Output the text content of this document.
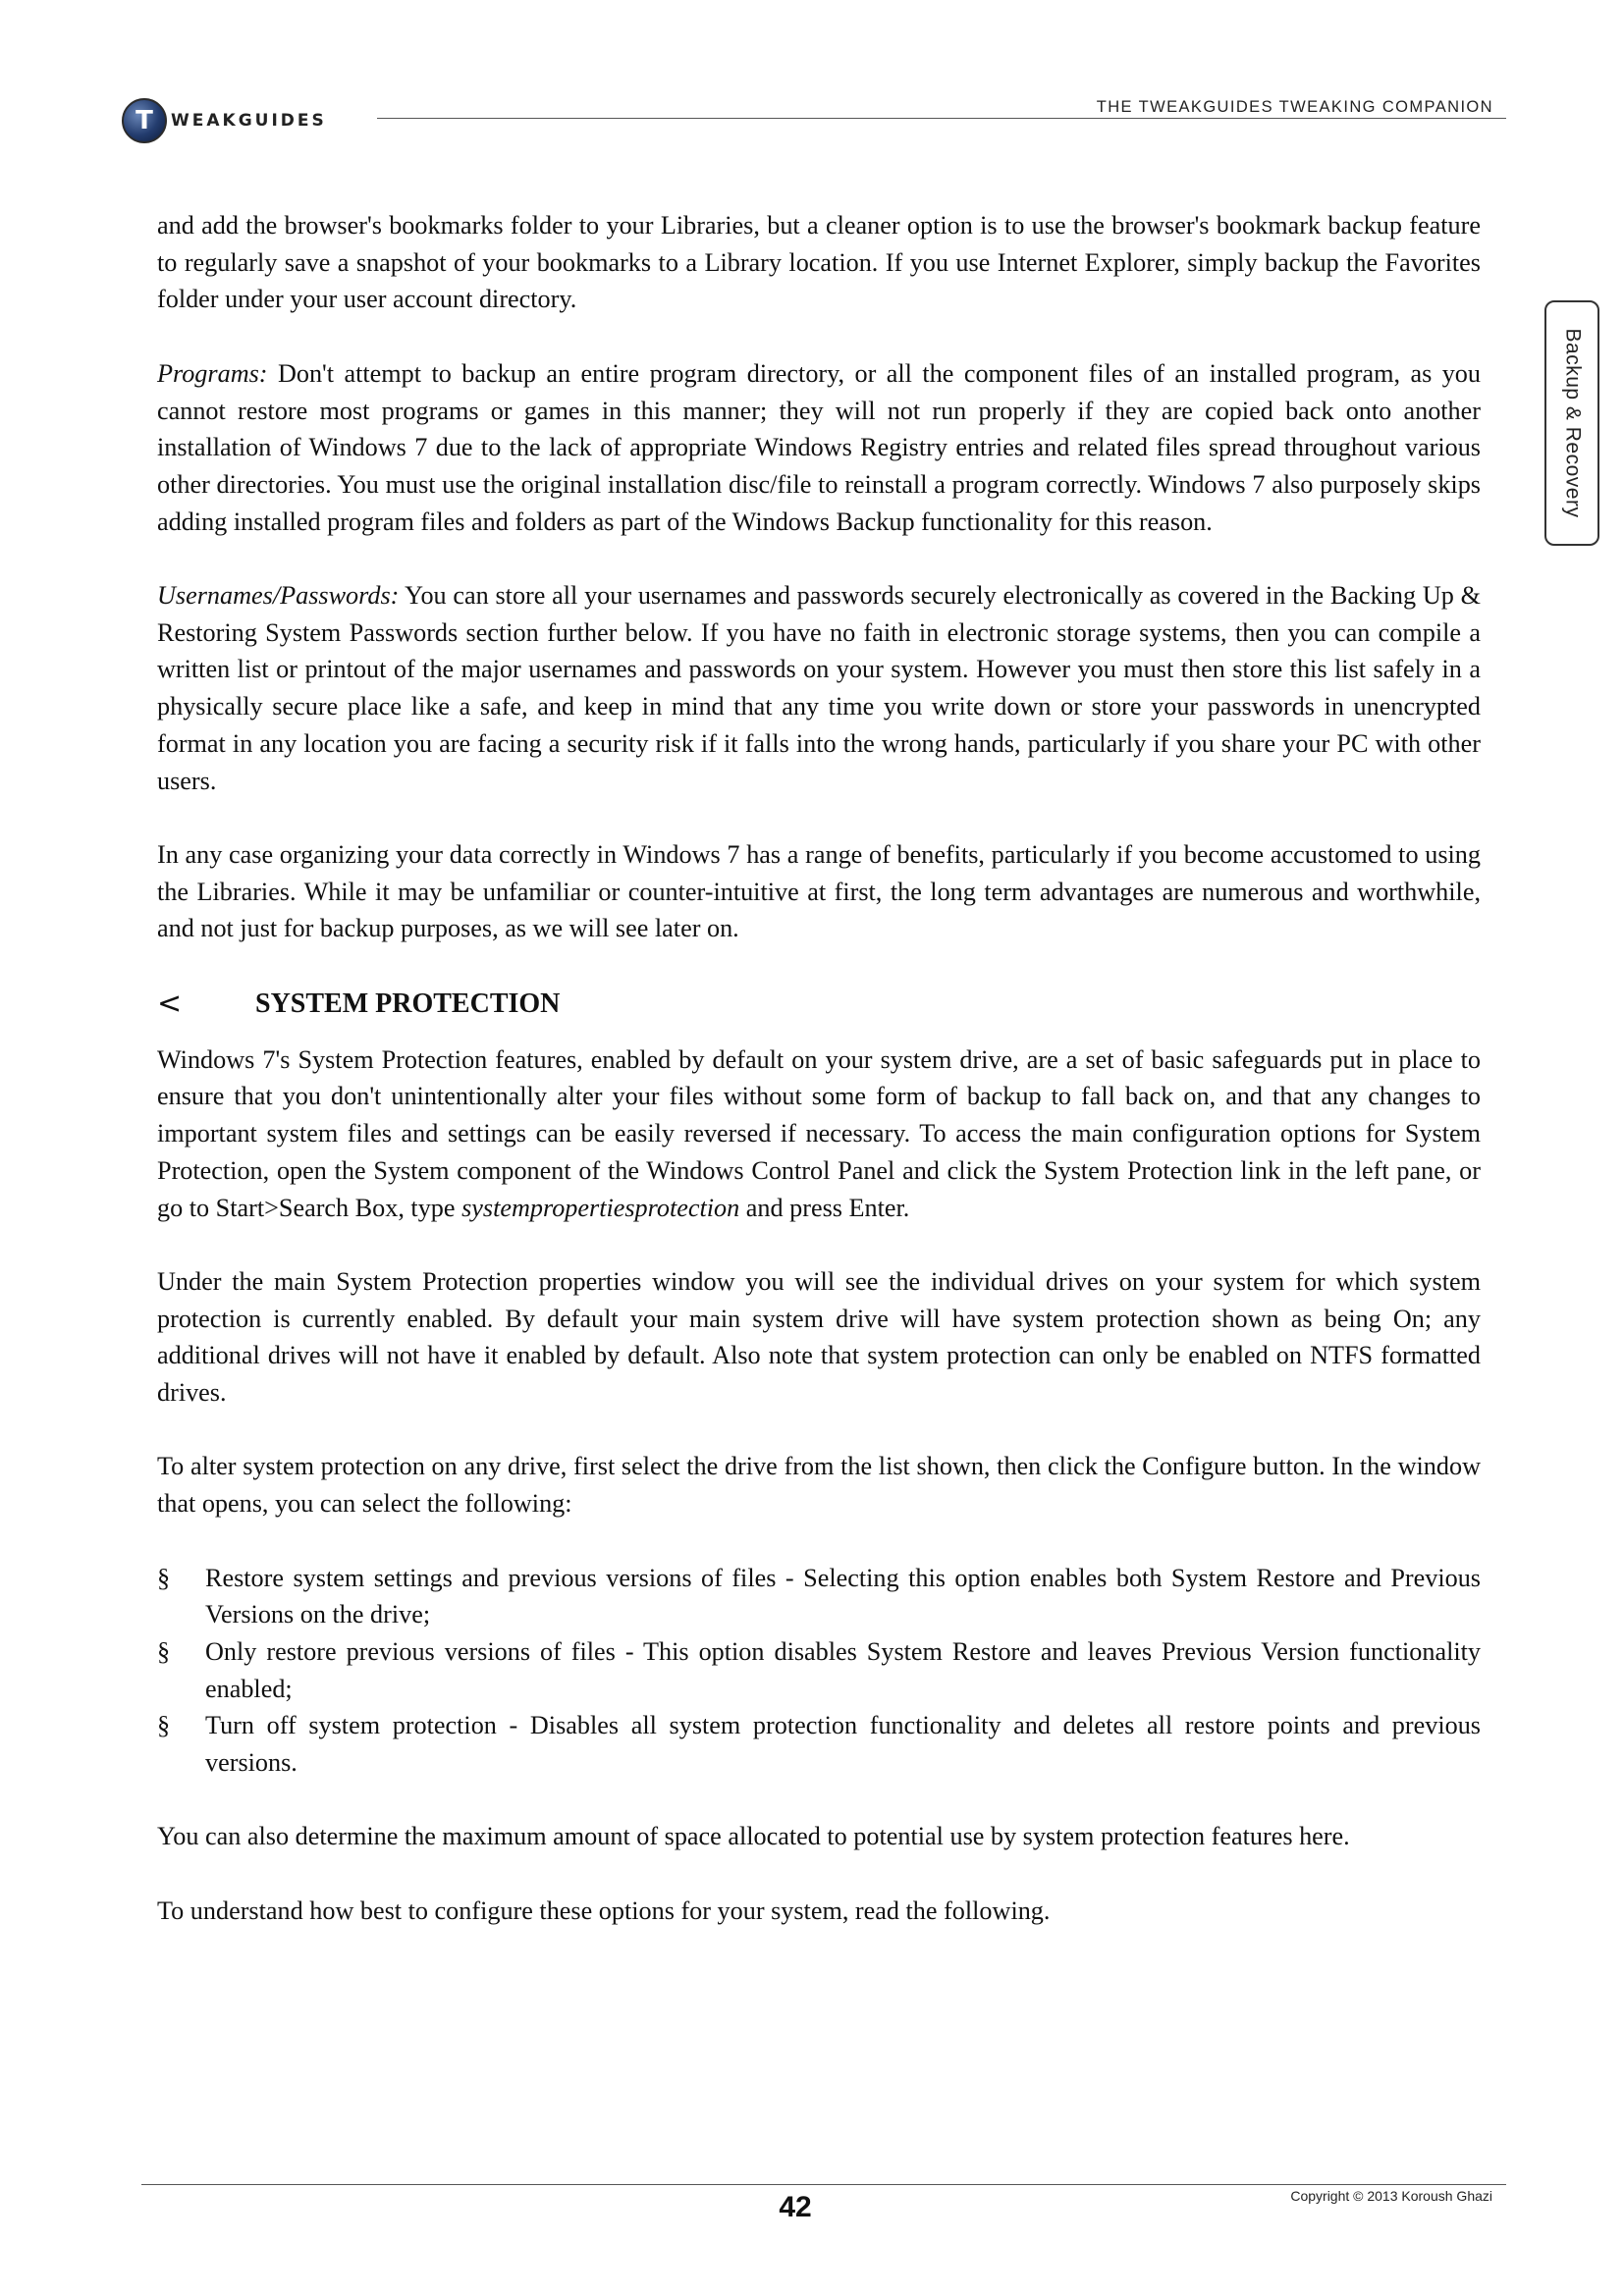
T WEAKGUIDES
THE TWEAKGUIDES TWEAKING COMPANION
Backup & Recovery

and add the browser's bookmarks folder to your Libraries, but a cleaner option is to use the browser's bookmark backup feature to regularly save a snapshot of your bookmarks to a Library location. If you use Internet Explorer, simply backup the Favorites folder under your user account directory.

Programs: Don't attempt to backup an entire program directory, or all the component files of an installed program, as you cannot restore most programs or games in this manner; they will not run properly if they are copied back onto another installation of Windows 7 due to the lack of appropriate Windows Registry entries and related files spread throughout various other directories. You must use the original installation disc/file to reinstall a program correctly. Windows 7 also purposely skips adding installed program files and folders as part of the Windows Backup functionality for this reason.

Usernames/Passwords: You can store all your usernames and passwords securely electronically as covered in the Backing Up & Restoring System Passwords section further below. If you have no faith in electronic storage systems, then you can compile a written list or printout of the major usernames and passwords on your system. However you must then store this list safely in a physically secure place like a safe, and keep in mind that any time you write down or store your passwords in unencrypted format in any location you are facing a security risk if it falls into the wrong hands, particularly if you share your PC with other users.

In any case organizing your data correctly in Windows 7 has a range of benefits, particularly if you become accustomed to using the Libraries. While it may be unfamiliar or counter-intuitive at first, the long term advantages are numerous and worthwhile, and not just for backup purposes, as we will see later on.

<	SYSTEM PROTECTION

Windows 7's System Protection features, enabled by default on your system drive, are a set of basic safeguards put in place to ensure that you don't unintentionally alter your files without some form of backup to fall back on, and that any changes to important system files and settings can be easily reversed if necessary. To access the main configuration options for System Protection, open the System component of the Windows Control Panel and click the System Protection link in the left pane, or go to Start>Search Box, type systempropertiesprotection and press Enter.

Under the main System Protection properties window you will see the individual drives on your system for which system protection is currently enabled. By default your main system drive will have system protection shown as being On; any additional drives will not have it enabled by default. Also note that system protection can only be enabled on NTFS formatted drives.

To alter system protection on any drive, first select the drive from the list shown, then click the Configure button. In the window that opens, you can select the following:

§ Restore system settings and previous versions of files - Selecting this option enables both System Restore and Previous Versions on the drive;
§ Only restore previous versions of files - This option disables System Restore and leaves Previous Version functionality enabled;
§ Turn off system protection - Disables all system protection functionality and deletes all restore points and previous versions.

You can also determine the maximum amount of space allocated to potential use by system protection features here.

To understand how best to configure these options for your system, read the following.

Copyright © 2013 Koroush Ghazi
42
